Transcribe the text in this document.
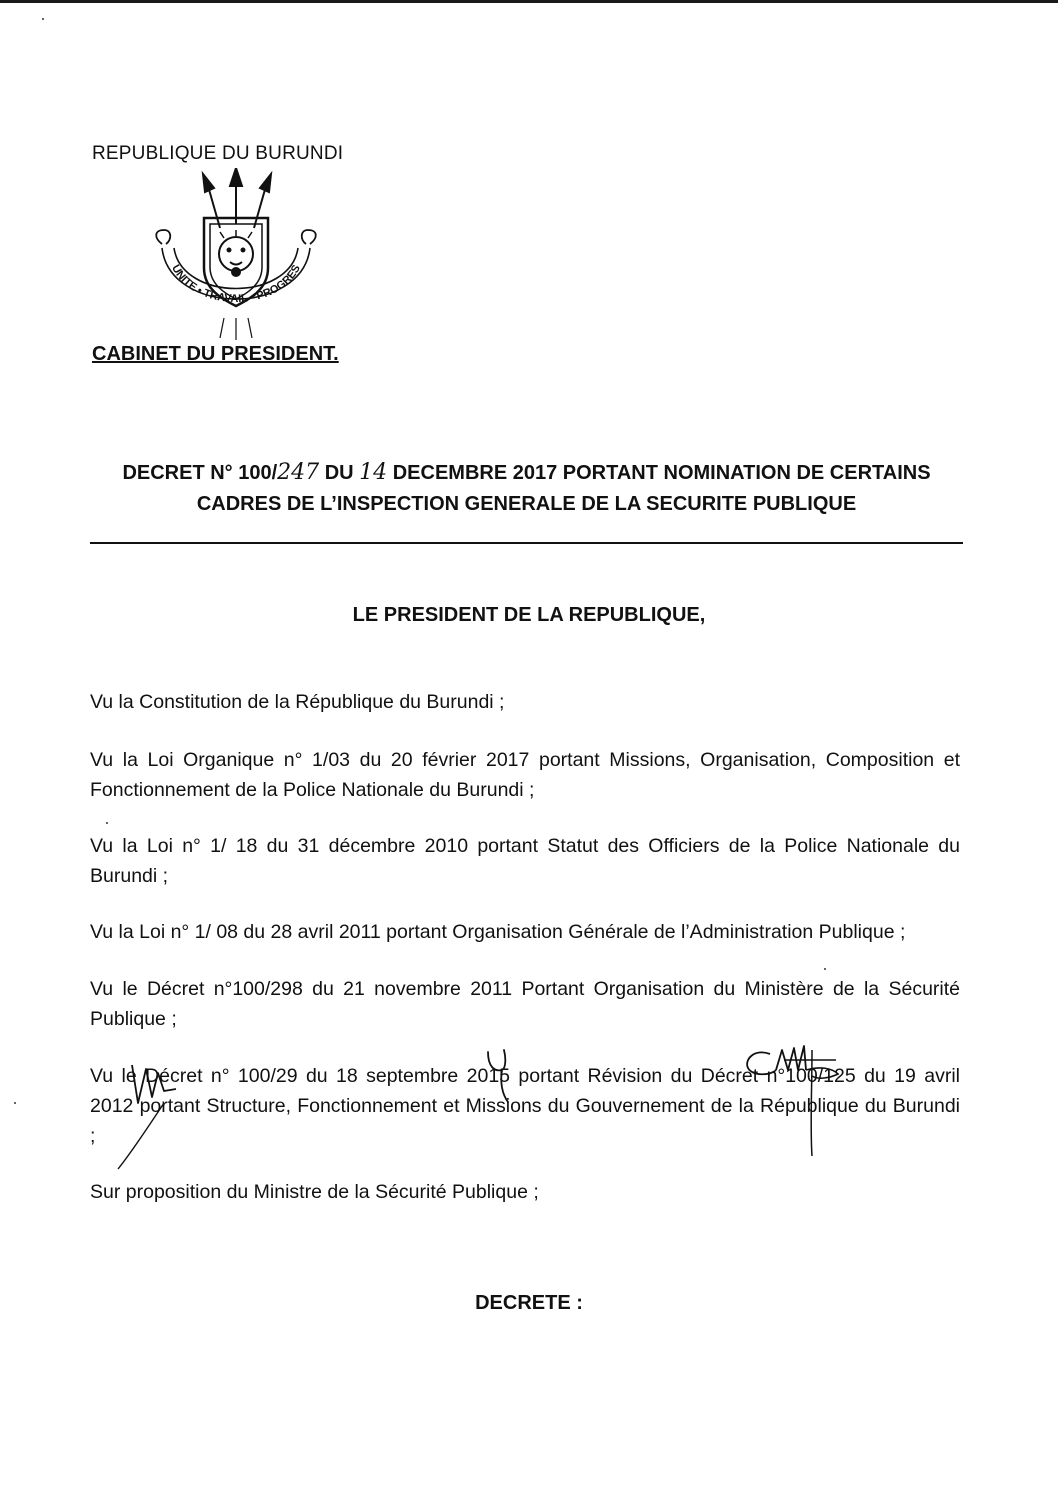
REPUBLIQUE DU BURUNDI
UNITE • TRAVAIL • PROGRES
CABINET DU PRESIDENT.
DECRET N° 100/247 DU 14 DECEMBRE 2017 PORTANT NOMINATION DE CERTAINS
CADRES DE L’INSPECTION GENERALE DE LA SECURITE PUBLIQUE
LE PRESIDENT DE LA REPUBLIQUE,
Vu la Constitution de la République du Burundi ;
Vu la Loi Organique n° 1/03 du 20 février 2017 portant Missions, Organisation, Composition et Fonctionnement de la Police Nationale du Burundi ;
Vu la Loi n° 1/ 18 du 31 décembre 2010 portant Statut des Officiers de la Police Nationale du Burundi ;
Vu la Loi n° 1/ 08 du 28 avril 2011 portant Organisation Générale de l’Administration Publique ;
Vu le Décret n°100/298 du 21 novembre 2011 Portant Organisation du Ministère de la Sécurité Publique ;
Vu le Décret n° 100/29 du 18 septembre 2015 portant Révision du Décret n°100/125 du 19 avril 2012 portant Structure, Fonctionnement et Missions du Gouvernement de la République du Burundi ;
Sur proposition du Ministre de la Sécurité Publique ;
DECRETE :
